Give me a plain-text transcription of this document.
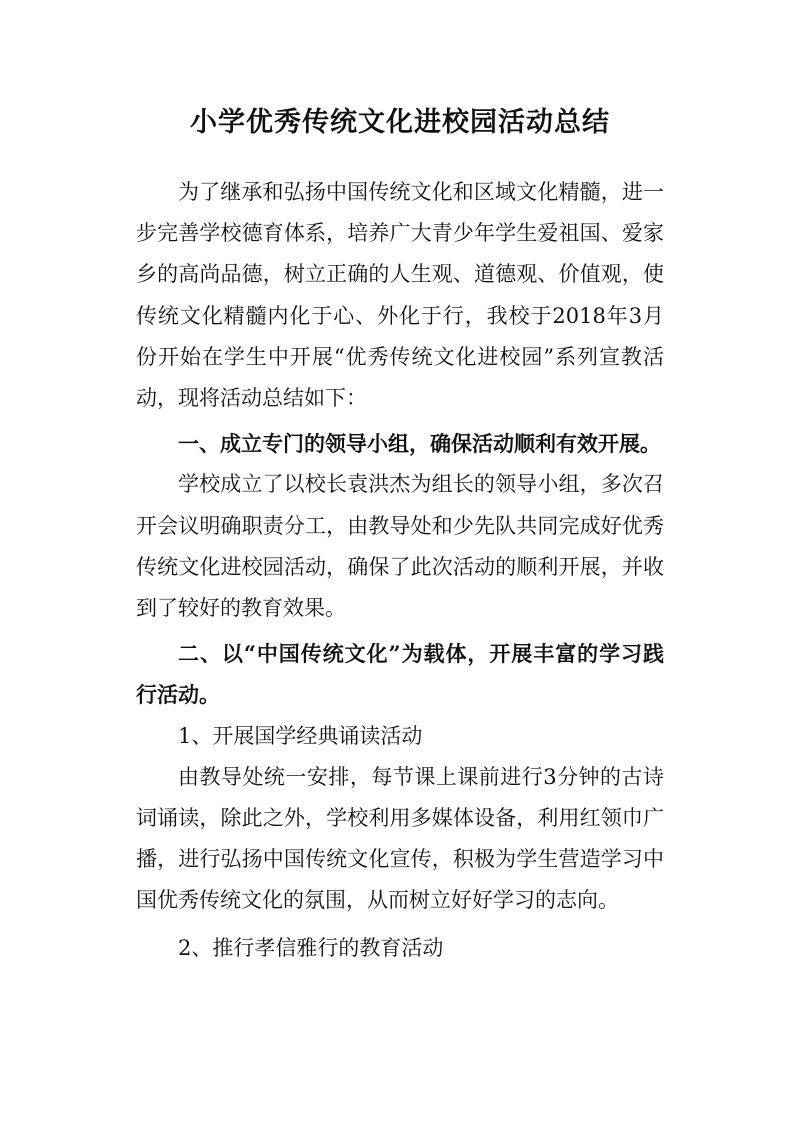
小学优秀传统文化进校园活动总结

为了继承和弘扬中国传统文化和区域文化精髓，进一步完善学校德育体系，培养广大青少年学生爱祖国、爱家乡的高尚品德，树立正确的人生观、道德观、价值观，使传统文化精髓内化于心、外化于行，我校于2018年3月份开始在学生中开展“优秀传统文化进校园”系列宣教活动，现将活动总结如下：

一、成立专门的领导小组，确保活动顺利有效开展。

学校成立了以校长袁洪杰为组长的领导小组，多次召开会议明确职责分工，由教导处和少先队共同完成好优秀传统文化进校园活动，确保了此次活动的顺利开展，并收到了较好的教育效果。

二、以“中国传统文化”为载体，开展丰富的学习践行活动。

1、开展国学经典诵读活动

由教导处统一安排，每节课上课前进行3分钟的古诗词诵读，除此之外，学校利用多媒体设备，利用红领巾广播，进行弘扬中国传统文化宣传，积极为学生营造学习中国优秀传统文化的氛围，从而树立好好学习的志向。

2、推行孝信雅行的教育活动
